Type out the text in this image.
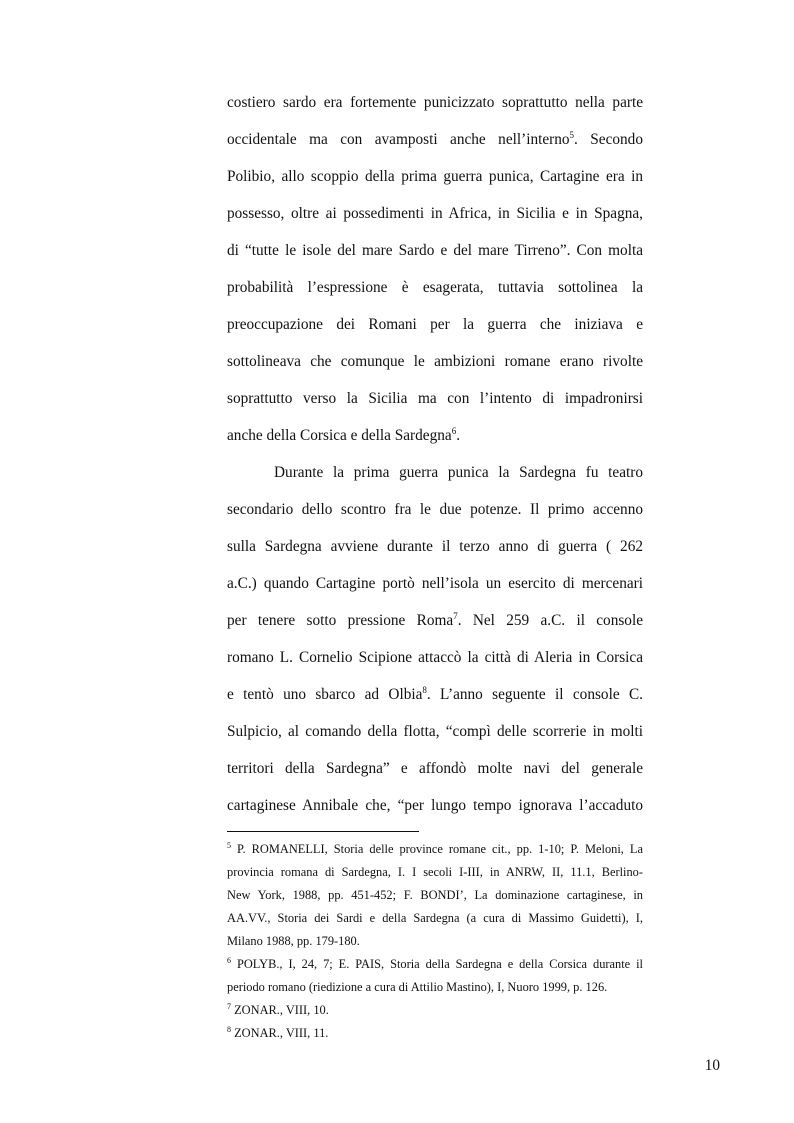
costiero sardo era fortemente punicizzato soprattutto nella parte
occidentale ma con avamposti anche nell’interno$^5$. Secondo
Polibio, allo scoppio della prima guerra punica, Cartagine era in
possesso, oltre ai possedimenti in Africa, in Sicilia e in Spagna,
di “tutte le isole del mare Sardo e del mare Tirreno”. Con molta
probabilità l’espressione è esagerata, tuttavia sottolinea la
preoccupazione dei Romani per la guerra che iniziava e
sottolineava che comunque le ambizioni romane erano rivolte
soprattutto verso la Sicilia ma con l’intento di impadronirsi
anche della Corsica e della Sardegna$^6$.
Durante la prima guerra punica la Sardegna fu teatro
secondario dello scontro fra le due potenze. Il primo accenno
sulla Sardegna avviene durante il terzo anno di guerra ( 262
a.C.) quando Cartagine portò nell’isola un esercito di mercenari
per tenere sotto pressione Roma$^7$. Nel 259 a.C. il console
romano L. Cornelio Scipione attaccò la città di Aleria in Corsica
e tentò uno sbarco ad Olbia$^8$. L’anno seguente il console C.
Sulpicio, al comando della flotta, “compì delle scorrerie in molti
territori della Sardegna” e affondò molte navi del generale
cartaginese Annibale che, “per lungo tempo ignorava l’accaduto
$^5$ P. ROMANELLI, Storia delle province romane cit., pp. 1-10; P. Meloni, La
provincia romana di Sardegna, I. I secoli I-III, in ANRW, II, 11.1, Berlino-
New York, 1988, pp. 451-452; F. BONDI’, La dominazione cartaginese, in
AA.VV., Storia dei Sardi e della Sardegna (a cura di Massimo Guidetti), I,
Milano 1988, pp. 179-180.
$^6$ POLYB., I, 24, 7; E. PAIS, Storia della Sardegna e della Corsica durante il
periodo romano (riedizione a cura di Attilio Mastino), I, Nuoro 1999, p. 126.
$^7$ ZONAR., VIII, 10.
$^8$ ZONAR., VIII, 11.
10
